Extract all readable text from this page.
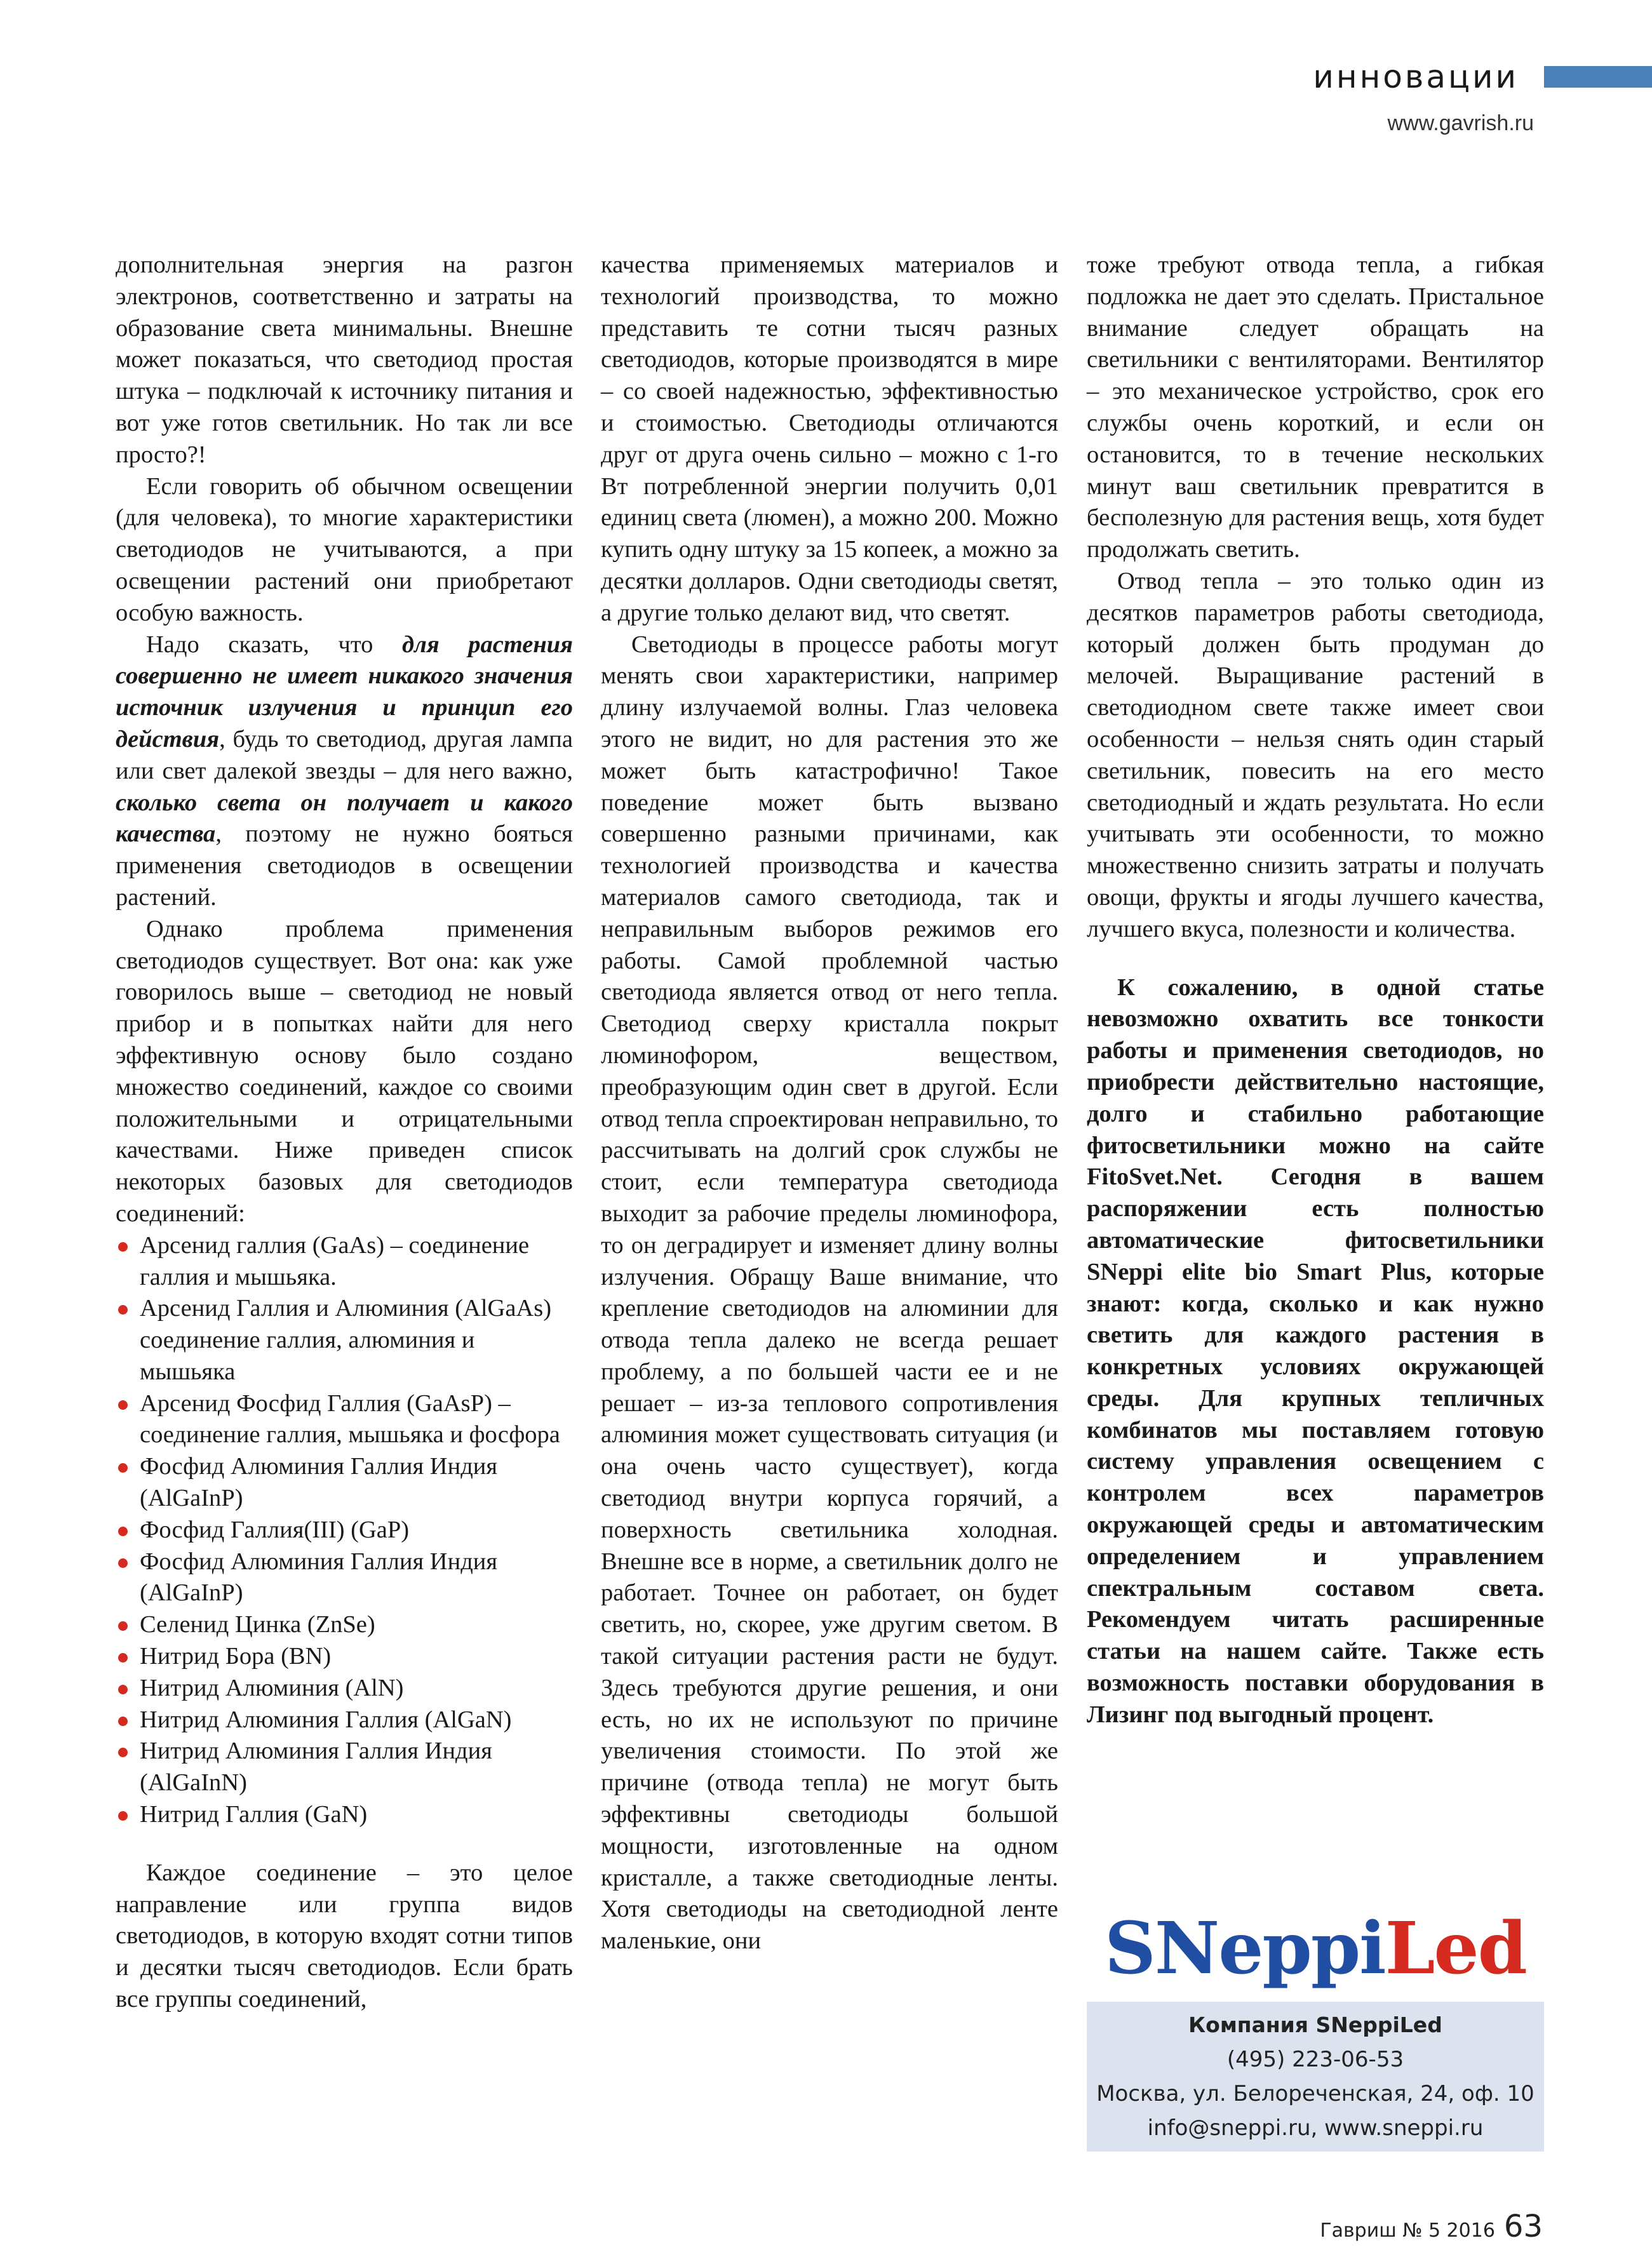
инновации
www.gavrish.ru

дополнительная энергия на разгон электронов, соответственно и затраты на образование света минимальны. Внешне может показаться, что светодиод простая штука – подключай к источнику питания и вот уже готов светильник. Но так ли все просто?!

Если говорить об обычном освещении (для человека), то многие характеристики светодиодов не учитываются, а при освещении растений они приобретают особую важность.

Надо сказать, что для растения совершенно не имеет никакого значения источник излучения и принцип его действия, будь то светодиод, другая лампа или свет далекой звезды – для него важно, сколько света он получает и какого качества, поэтому не нужно бояться применения светодиодов в освещении растений.

Однако проблема применения светодиодов существует. Вот она: как уже говорилось выше – светодиод не новый прибор и в попытках найти для него эффективную основу было создано множество соединений, каждое со своими положительными и отрицательными качествами. Ниже приведен список некоторых базовых для светодиодов соединений:

Арсенид галлия (GaAs) – соединение галлия и мышьяка.
Арсенид Галлия и Алюминия (AlGaAs) соединение галлия, алюминия и мышьяка
Арсенид Фосфид Галлия (GaAsP) – соединение галлия, мышьяка и фосфора
Фосфид Алюминия Галлия Индия (AlGaInP)
Фосфид Галлия(III) (GaP)
Фосфид Алюминия Галлия Индия (AlGaInP)
Селенид Цинка (ZnSe)
Нитрид Бора (BN)
Нитрид Алюминия (AlN)
Нитрид Алюминия Галлия (AlGaN)
Нитрид Алюминия Галлия Индия (AlGaInN)
Нитрид Галлия (GaN)

Каждое соединение – это целое направление или группа видов светодиодов, в которую входят сотни типов и десятки тысяч светодиодов. Если брать все группы соединений,

качества применяемых материалов и технологий производства, то можно представить те сотни тысяч разных светодиодов, которые производятся в мире – со своей надежностью, эффективностью и стоимостью. Светодиоды отличаются друг от друга очень сильно – можно с 1-го Вт потребленной энергии получить 0,01 единиц света (люмен), а можно 200. Можно купить одну штуку за 15 копеек, а можно за десятки долларов. Одни светодиоды светят, а другие только делают вид, что светят.

Светодиоды в процессе работы могут менять свои характеристики, например длину излучаемой волны. Глаз человека этого не видит, но для растения это же может быть катастрофично! Такое поведение может быть вызвано совершенно разными причинами, как технологией производства и качества материалов самого светодиода, так и неправильным выборов режимов его работы. Самой проблемной частью светодиода является отвод от него тепла. Светодиод сверху кристалла покрыт люминофором, веществом, преобразующим один свет в другой. Если отвод тепла спроектирован неправильно, то рассчитывать на долгий срок службы не стоит, если температура светодиода выходит за рабочие пределы люминофора, то он деградирует и изменяет длину волны излучения. Обращу Ваше внимание, что крепление светодиодов на алюминии для отвода тепла далеко не всегда решает проблему, а по большей части ее и не решает – из-за теплового сопротивления алюминия может существовать ситуация (и она очень часто существует), когда светодиод внутри корпуса горячий, а поверхность светильника холодная. Внешне все в норме, а светильник долго не работает. Точнее он работает, он будет светить, но, скорее, уже другим светом. В такой ситуации растения расти не будут. Здесь требуются другие решения, и они есть, но их не используют по причине увеличения стоимости. По этой же причине (отвода тепла) не могут быть эффективны светодиоды большой мощности, изготовленные на одном кристалле, а также светодиодные ленты. Хотя светодиоды на светодиодной ленте маленькие, они

тоже требуют отвода тепла, а гибкая подложка не дает это сделать. Пристальное внимание следует обращать на светильники с вентиляторами. Вентилятор – это механическое устройство, срок его службы очень короткий, и если он остановится, то в течение нескольких минут ваш светильник превратится в бесполезную для растения вещь, хотя будет продолжать светить.

Отвод тепла – это только один из десятков параметров работы светодиода, который должен быть продуман до мелочей. Выращивание растений в светодиодном свете также имеет свои особенности – нельзя снять один старый светильник, повесить на его место светодиодный и ждать результата. Но если учитывать эти особенности, то можно множественно снизить затраты и получать овощи, фрукты и ягоды лучшего качества, лучшего вкуса, полезности и количества.

К сожалению, в одной статье невозможно охватить все тонкости работы и применения светодиодов, но приобрести действительно настоящие, долго и стабильно работающие фитосветильники можно на сайте FitoSvet.Net. Сегодня в вашем распоряжении есть полностью автоматические фитосветильники SNeppi elite bio Smart Plus, которые знают: когда, сколько и как нужно светить для каждого растения в конкретных условиях окружающей среды. Для крупных тепличных комбинатов мы поставляем готовую систему управления освещением с контролем всех параметров окружающей среды и автоматическим определением и управлением спектральным составом света. Рекомендуем читать расширенные статьи на нашем сайте. Также есть возможность поставки оборудования в Лизинг под выгодный процент.

SNeppiLed
Компания SNeppiLed
(495) 223-06-53
Москва, ул. Белореченская, 24, оф. 10
info@sneppi.ru, www.sneppi.ru
Гавриш № 5 2016 63
